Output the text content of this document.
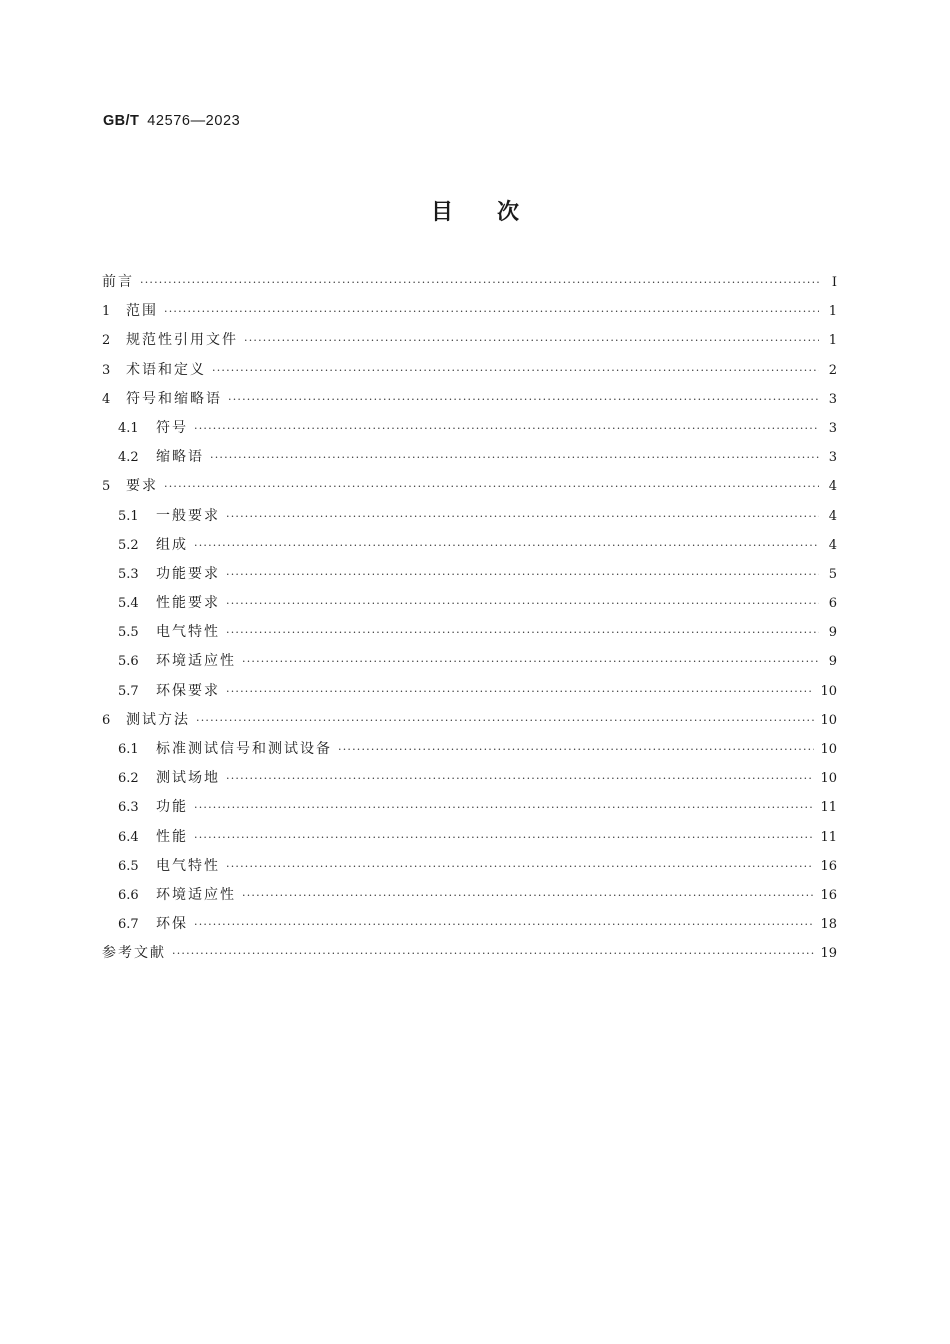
GB/T 42576—2023
目 次
前言 ·····	Ⅰ
1	范围 ·····	1
2	规范性引用文件 ·····	1
3	术语和定义 ·····	2
4	符号和缩略语 ·····	3
4.1	符号 ·····	3
4.2	缩略语 ·····	3
5	要求 ·····	4
5.1	一般要求 ·····	4
5.2	组成 ·····	4
5.3	功能要求 ·····	5
5.4	性能要求 ·····	6
5.5	电气特性 ·····	9
5.6	环境适应性 ·····	9
5.7	环保要求 ·····	10
6	测试方法 ·····	10
6.1	标准测试信号和测试设备 ·····	10
6.2	测试场地 ·····	10
6.3	功能 ·····	11
6.4	性能 ·····	11
6.5	电气特性 ·····	16
6.6	环境适应性 ·····	16
6.7	环保 ·····	18
参考文献 ·····	19
